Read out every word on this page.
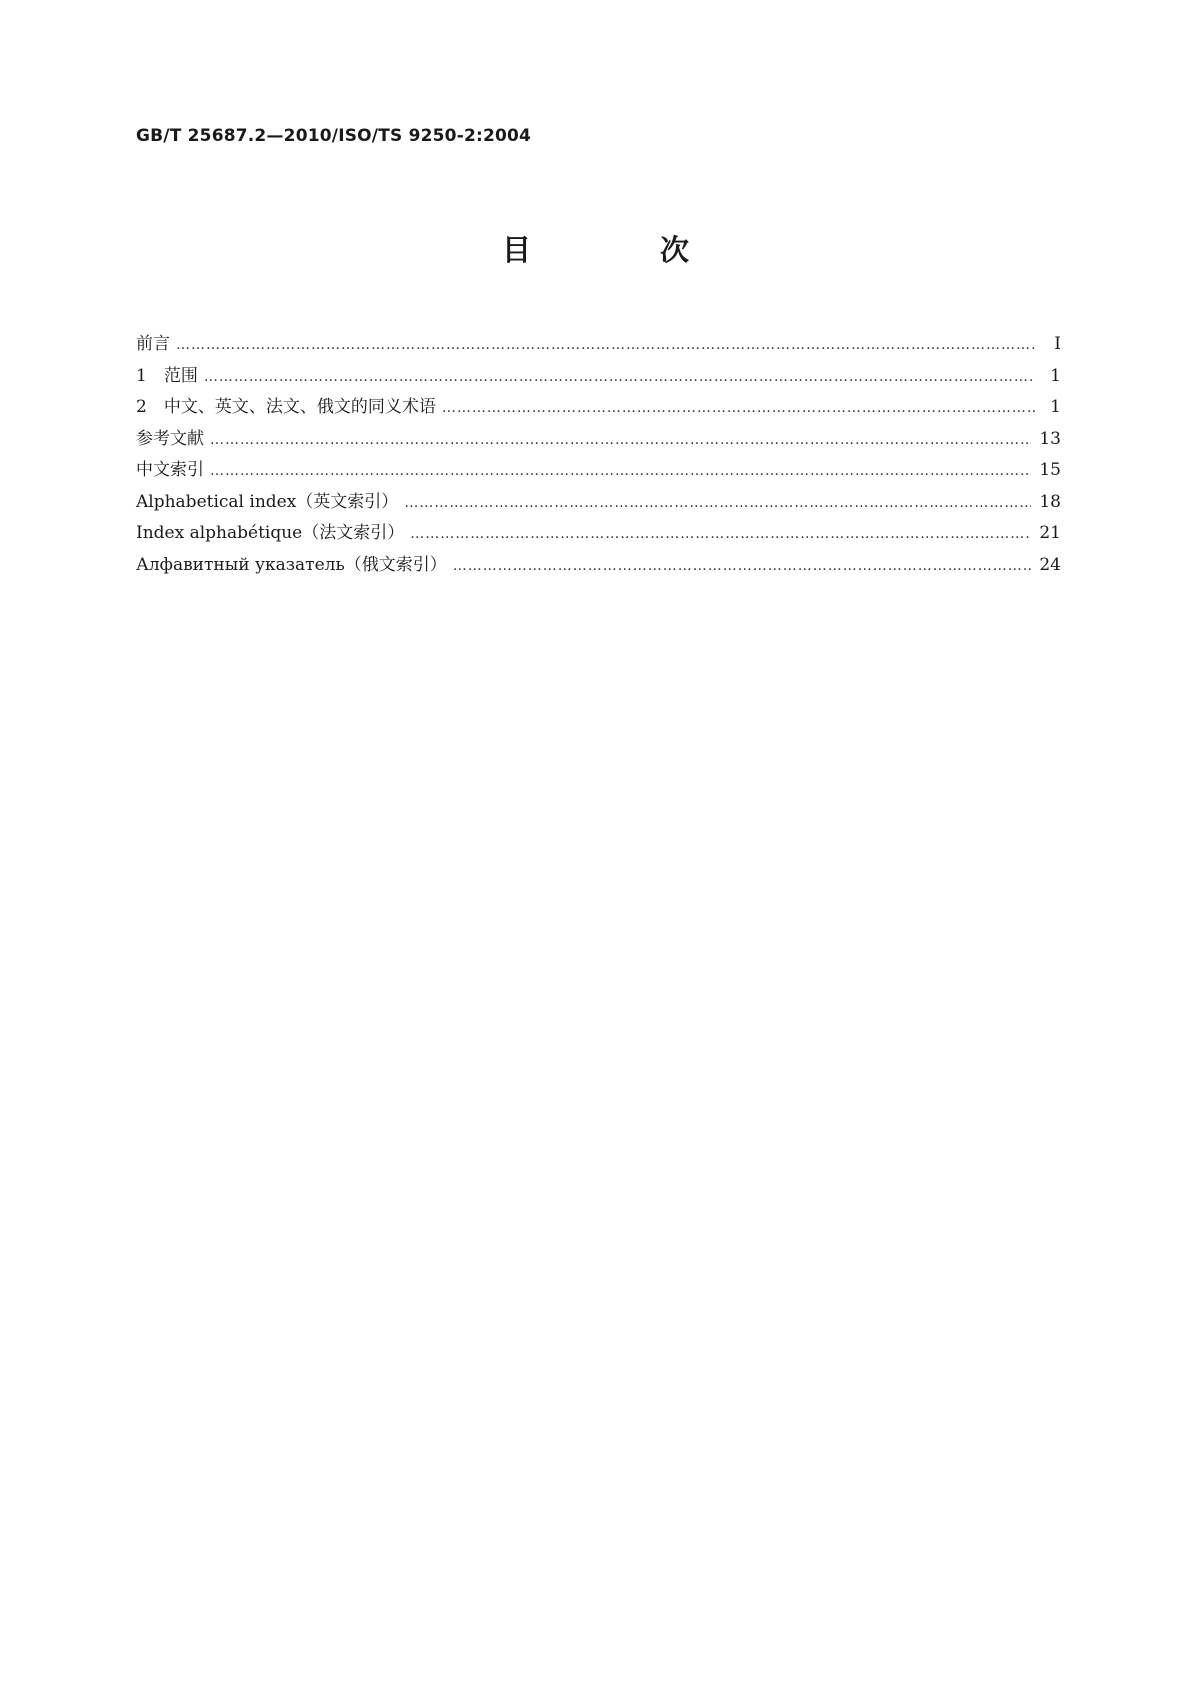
GB/T 25687.2—2010/ISO/TS 9250-2:2004
目　次
前言 ………………………………………………………………………………………………………………………………………………………………………………………………………………………………………………	Ⅰ
1　范围 ………………………………………………………………………………………………………………………………………………………………………………………………………………………………………………	1
2　中文、英文、法文、俄文的同义术语 ………………………………………………………………………………………………………………………………………………………………………………………………………………………………………………	1
参考文献 ………………………………………………………………………………………………………………………………………………………………………………………………………………………………………………	13
中文索引 ………………………………………………………………………………………………………………………………………………………………………………………………………………………………………………	15
Alphabetical index（英文索引） ………………………………………………………………………………………………………………………………………………………………………………………………………………………………………………	18
Index alphabétique（法文索引） ………………………………………………………………………………………………………………………………………………………………………………………………………………………………………………	21
Алфавитный указатель（俄文索引） ………………………………………………………………………………………………………………………………………………………………………………………………………………………………………………	24
